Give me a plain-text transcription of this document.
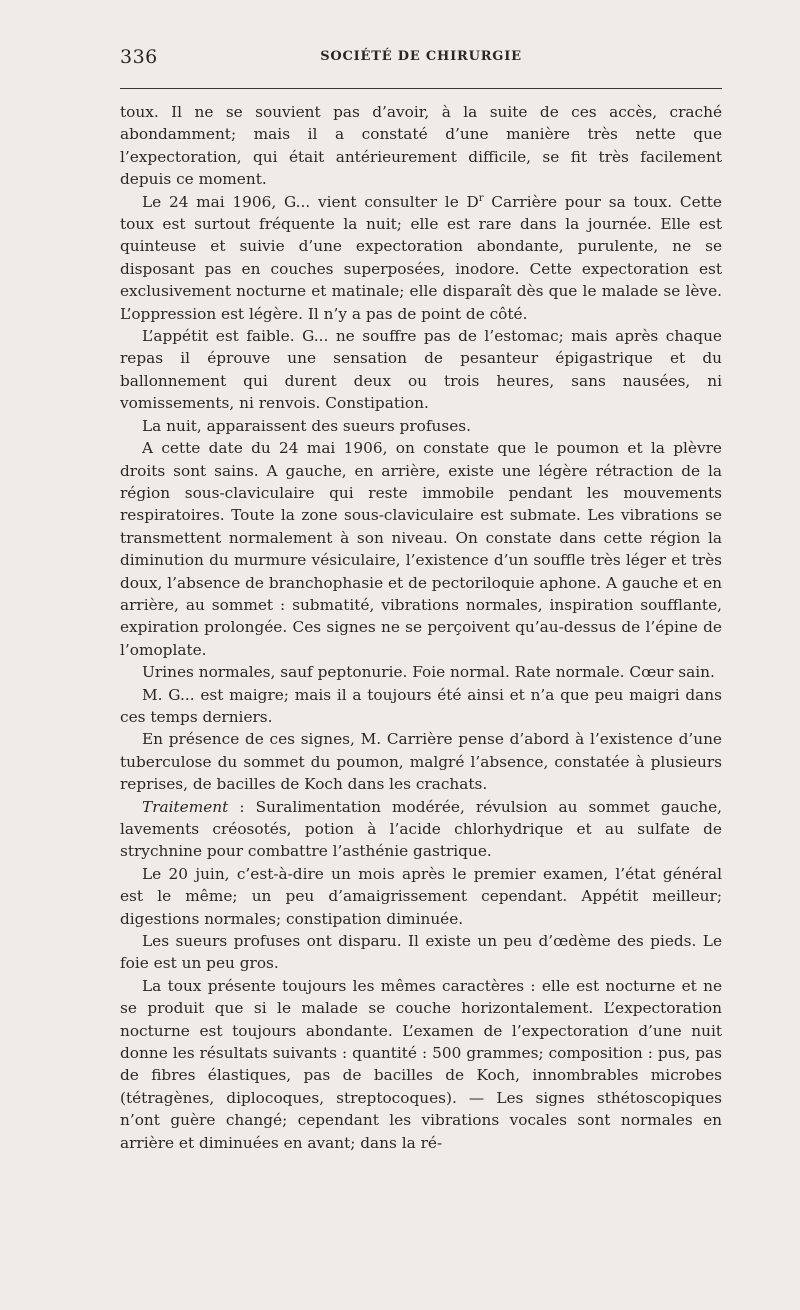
336	SOCIÉTÉ DE CHIRURGIE

toux. Il ne se souvient pas d’avoir, à la suite de ces accès, craché abondamment; mais il a constaté d’une manière très nette que l’expectoration, qui était antérieurement difficile, se fit très facilement depuis ce moment.

Le 24 mai 1906, G... vient consulter le $D^r$ Carrière pour sa toux. Cette toux est surtout fréquente la nuit; elle est rare dans la journée. Elle est quinteuse et suivie d’une expectoration abondante, purulente, ne se disposant pas en couches superposées, inodore. Cette expectoration est exclusivement nocturne et matinale; elle disparaît dès que le malade se lève. L’oppression est légère. Il n’y a pas de point de côté.

L’appétit est faible. G... ne souffre pas de l’estomac; mais après chaque repas il éprouve une sensation de pesanteur épigastrique et du ballonnement qui durent deux ou trois heures, sans nausées, ni vomissements, ni renvois. Constipation.

La nuit, apparaissent des sueurs profuses.

A cette date du 24 mai 1906, on constate que le poumon et la plèvre droits sont sains. A gauche, en arrière, existe une légère rétraction de la région sous-claviculaire qui reste immobile pendant les mouvements respiratoires. Toute la zone sous-claviculaire est submate. Les vibrations se transmettent normalement à son niveau. On constate dans cette région la diminution du murmure vésiculaire, l’existence d’un souffle très léger et très doux, l’absence de branchophasie et de pectoriloquie aphone. A gauche et en arrière, au sommet : submatité, vibrations normales, inspiration soufflante, expiration prolongée. Ces signes ne se perçoivent qu’au-dessus de l’épine de l’omoplate.

Urines normales, sauf peptonurie. Foie normal. Rate normale. Cœur sain.

M. G... est maigre; mais il a toujours été ainsi et n’a que peu maigri dans ces temps derniers.

En présence de ces signes, M. Carrière pense d’abord à l’existence d’une tuberculose du sommet du poumon, malgré l’absence, constatée à plusieurs reprises, de bacilles de Koch dans les crachats.

Traitement : Suralimentation modérée, révulsion au sommet gauche, lavements créosotés, potion à l’acide chlorhydrique et au sulfate de strychnine pour combattre l’asthénie gastrique.

Le 20 juin, c’est-à-dire un mois après le premier examen, l’état général est le même; un peu d’amaigrissement cependant. Appétit meilleur; digestions normales; constipation diminuée.

Les sueurs profuses ont disparu. Il existe un peu d’œdème des pieds. Le foie est un peu gros.

La toux présente toujours les mêmes caractères : elle est nocturne et ne se produit que si le malade se couche horizontalement. L’expectoration nocturne est toujours abondante. L’examen de l’expectoration d’une nuit donne les résultats suivants : quantité : 500 grammes; composition : pus, pas de fibres élastiques, pas de bacilles de Koch, innombrables microbes (tétragènes, diplocoques, streptocoques). — Les signes sthétoscopiques n’ont guère changé; cependant les vibrations vocales sont normales en arrière et diminuées en avant; dans la ré-
